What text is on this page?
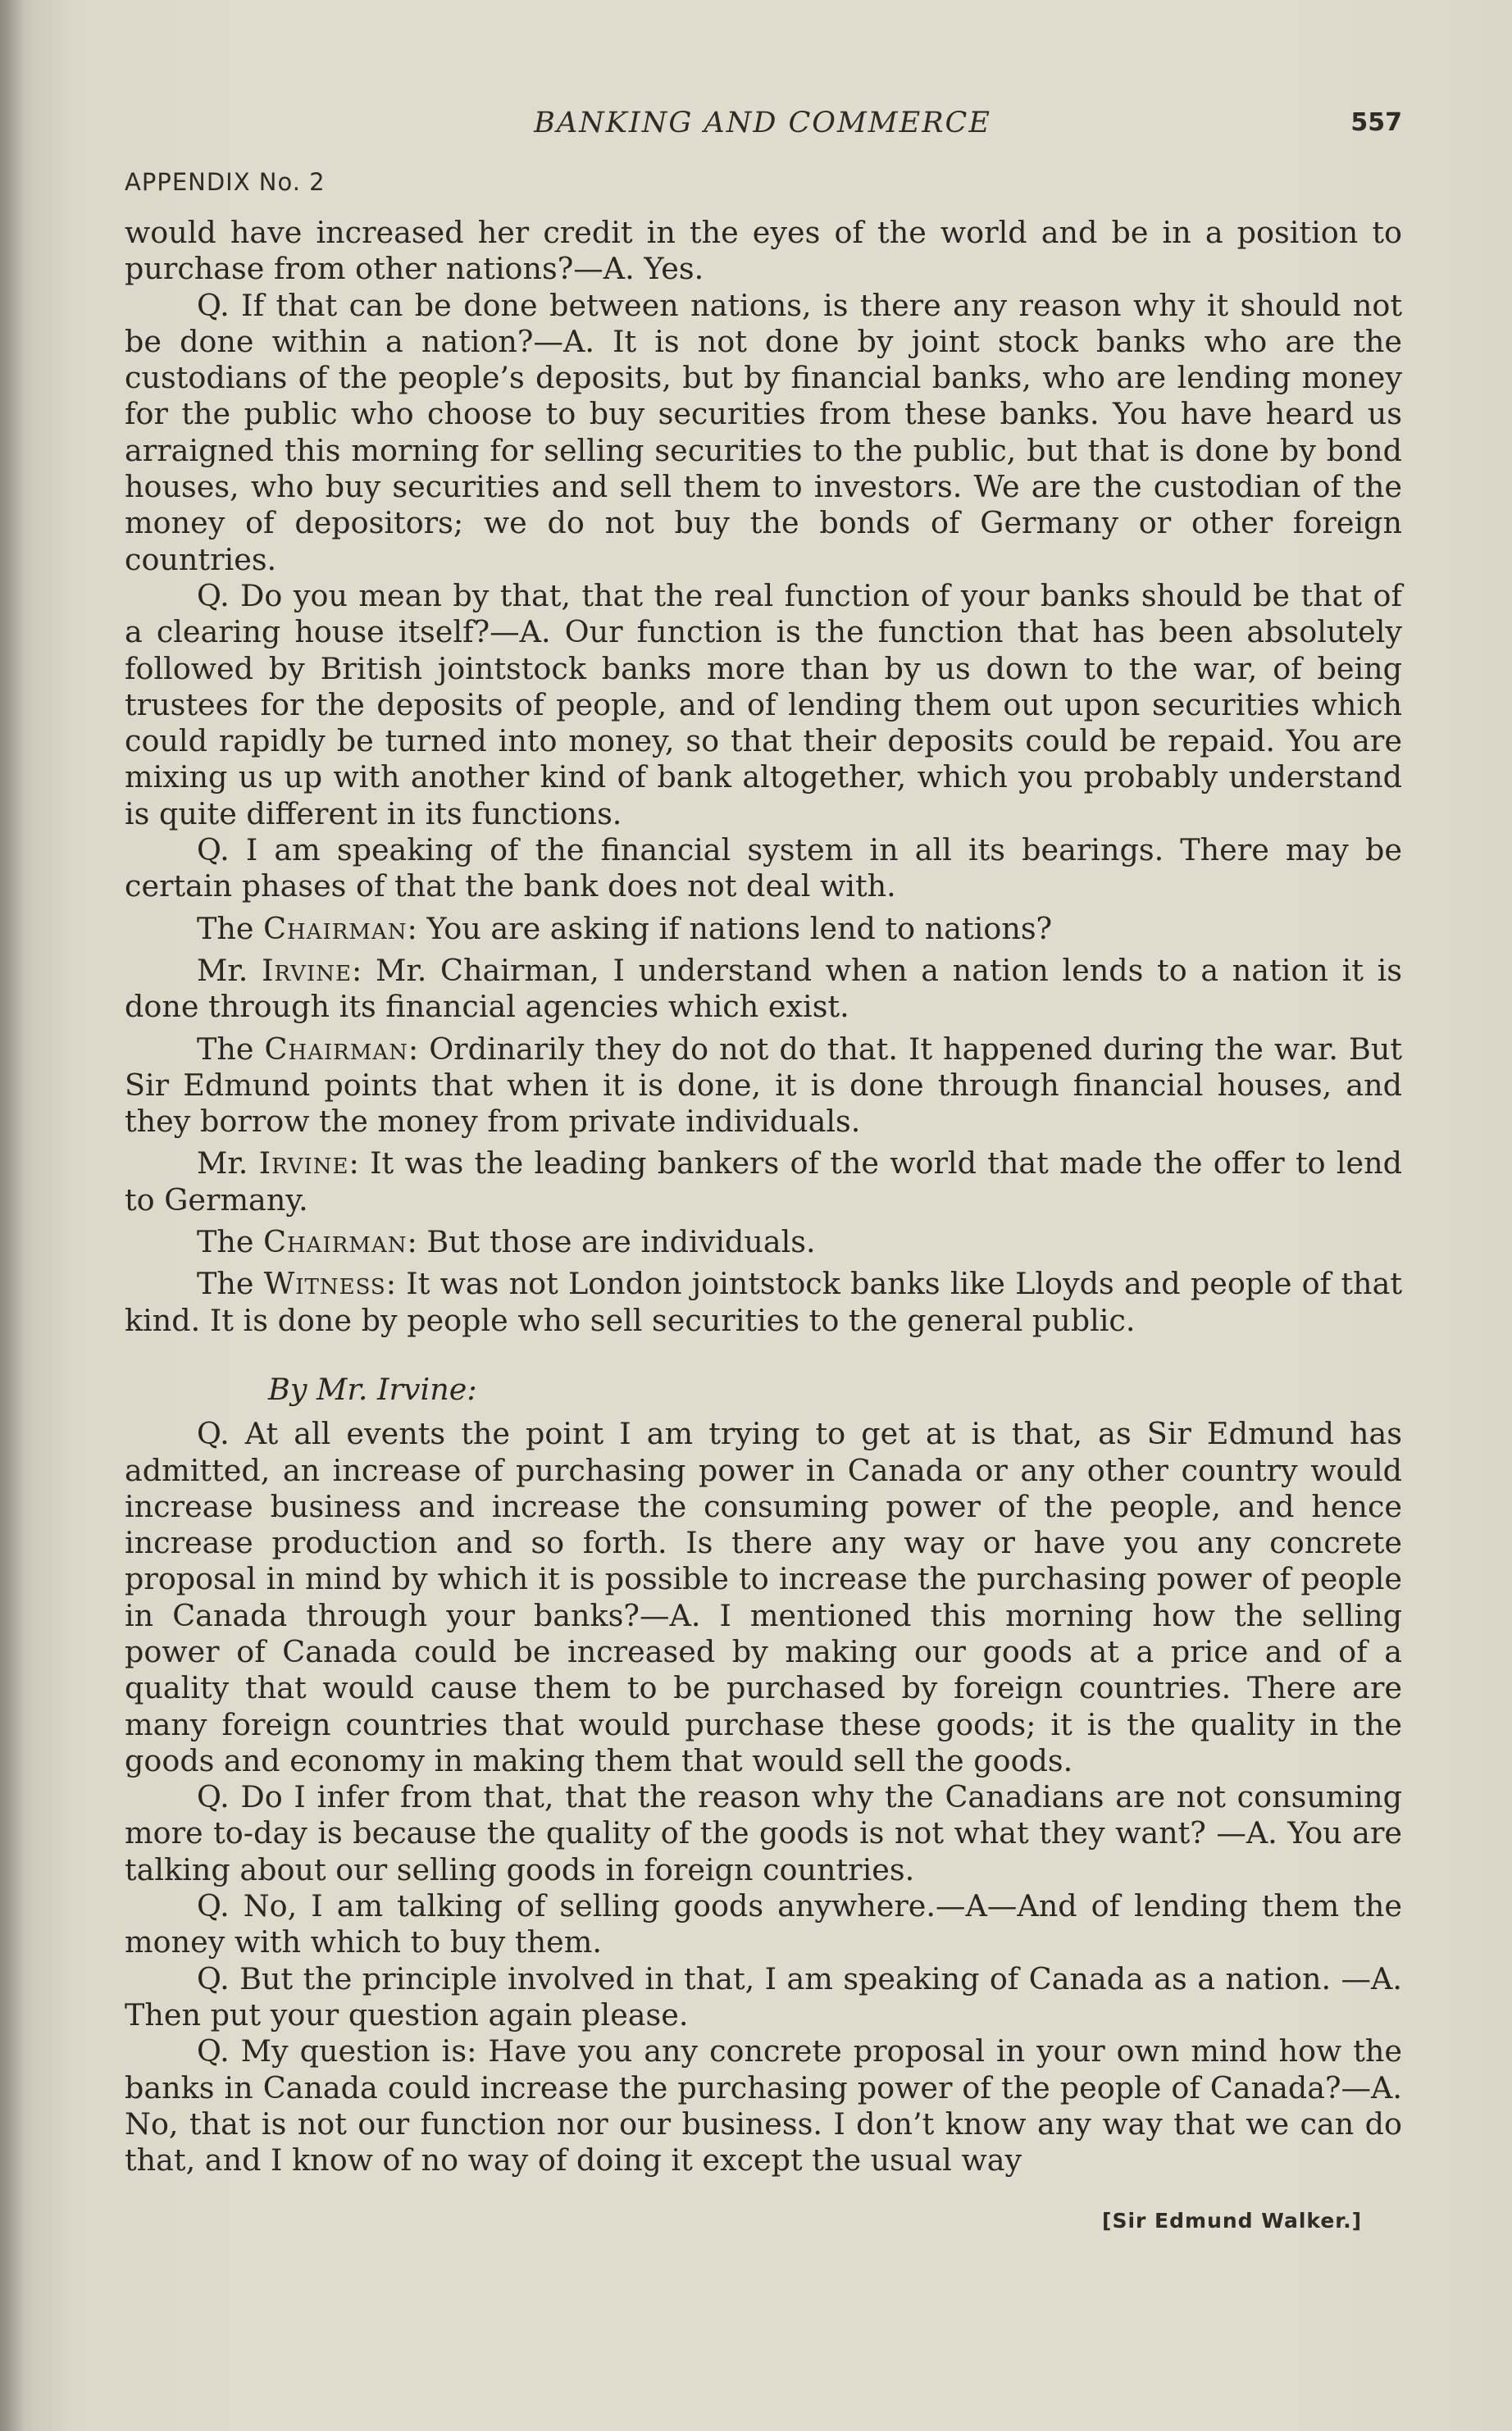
BANKING AND COMMERCE	557
APPENDIX No. 2

would have increased her credit in the eyes of the world and be in a position to purchase from other nations?—A. Yes.

Q. If that can be done between nations, is there any reason why it should not be done within a nation?—A. It is not done by joint stock banks who are the custodians of the people’s deposits, but by financial banks, who are lending money for the public who choose to buy securities from these banks. You have heard us arraigned this morning for selling securities to the public, but that is done by bond houses, who buy securities and sell them to investors. We are the custodian of the money of depositors; we do not buy the bonds of Germany or other foreign countries.

Q. Do you mean by that, that the real function of your banks should be that of a clearing house itself?—A. Our function is the function that has been absolutely followed by British jointstock banks more than by us down to the war, of being trustees for the deposits of people, and of lending them out upon securities which could rapidly be turned into money, so that their deposits could be repaid. You are mixing us up with another kind of bank altogether, which you probably understand is quite different in its functions.

Q. I am speaking of the financial system in all its bearings. There may be certain phases of that the bank does not deal with.

The Chairman: You are asking if nations lend to nations?

Mr. Irvine: Mr. Chairman, I understand when a nation lends to a nation it is done through its financial agencies which exist.

The Chairman: Ordinarily they do not do that. It happened during the war. But Sir Edmund points that when it is done, it is done through financial houses, and they borrow the money from private individuals.

Mr. Irvine: It was the leading bankers of the world that made the offer to lend to Germany.

The Chairman: But those are individuals.

The Witness: It was not London jointstock banks like Lloyds and people of that kind. It is done by people who sell securities to the general public.

By Mr. Irvine:

Q. At all events the point I am trying to get at is that, as Sir Edmund has admitted, an increase of purchasing power in Canada or any other country would increase business and increase the consuming power of the people, and hence increase production and so forth. Is there any way or have you any concrete proposal in mind by which it is possible to increase the purchasing power of people in Canada through your banks?—A. I mentioned this morning how the selling power of Canada could be increased by making our goods at a price and of a quality that would cause them to be purchased by foreign countries. There are many foreign countries that would purchase these goods; it is the quality in the goods and economy in making them that would sell the goods.

Q. Do I infer from that, that the reason why the Canadians are not consuming more to-day is because the quality of the goods is not what they want? —A. You are talking about our selling goods in foreign countries.

Q. No, I am talking of selling goods anywhere.—A—And of lending them the money with which to buy them.

Q. But the principle involved in that, I am speaking of Canada as a nation. —A. Then put your question again please.

Q. My question is: Have you any concrete proposal in your own mind how the banks in Canada could increase the purchasing power of the people of Canada?—A. No, that is not our function nor our business. I don’t know any way that we can do that, and I know of no way of doing it except the usual way

[Sir Edmund Walker.]
